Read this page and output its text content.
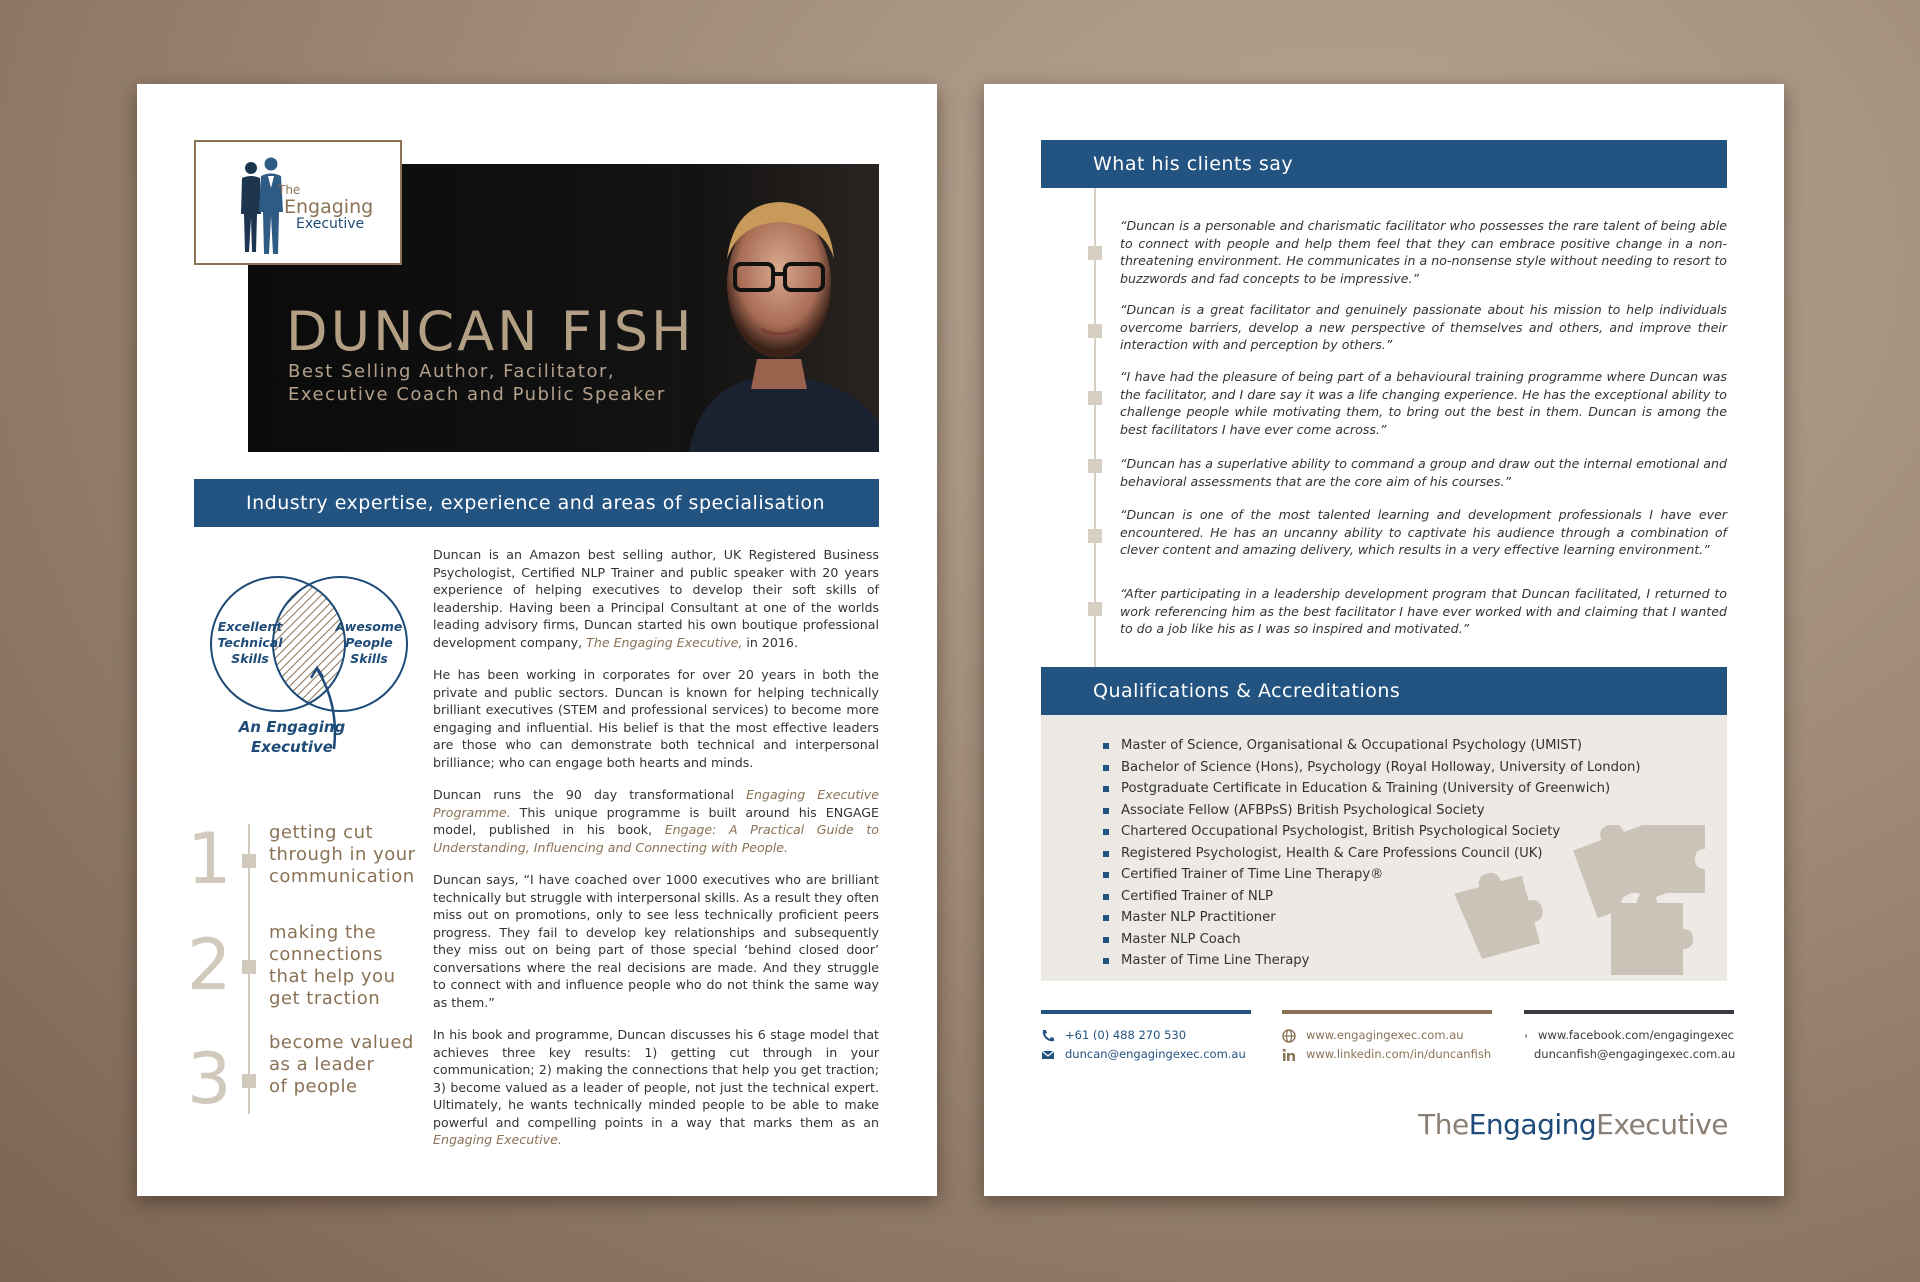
The
Engaging
Executive
DUNCAN FISH
Best Selling Author, Facilitator,
Executive Coach and Public Speaker
Industry expertise, experience and areas of specialisation
Excellent
Technical
Skills
Awesome
People
Skills
An Engaging
Executive
1 getting cut
through in your
communication
2 making the
connections
that help you
get traction
3 become valued
as a leader
of people

Duncan is an Amazon best selling author, UK Registered Business Psychologist, Certified NLP Trainer and public speaker with 20 years experience of helping executives to develop their soft skills of leadership. Having been a Principal Consultant at one of the worlds leading advisory firms, Duncan started his own boutique professional development company, The Engaging Executive, in 2016.

He has been working in corporates for over 20 years in both the private and public sectors. Duncan is known for helping technically brilliant executives (STEM and professional services) to become more engaging and influential. His belief is that the most effective leaders are those who can demonstrate both technical and interpersonal brilliance; who can engage both hearts and minds.

Duncan runs the 90 day transformational Engaging Executive Programme. This unique programme is built around his ENGAGE model, published in his book, Engage: A Practical Guide to Understanding, Influencing and Connecting with People.

Duncan says, “I have coached over 1000 executives who are brilliant technically but struggle with interpersonal skills. As a result they often miss out on promotions, only to see less technically proficient peers progress. They fail to develop key relationships and subsequently they miss out on being part of those special ‘behind closed door’ conversations where the real decisions are made. And they struggle to connect with and influence people who do not think the same way as them.”

In his book and programme, Duncan discusses his 6 stage model that achieves three key results: 1) getting cut through in your communication; 2) making the connections that help you get traction; 3) become valued as a leader of people, not just the technical expert. Ultimately, he wants technically minded people to be able to make powerful and compelling points in a way that marks them as an Engaging Executive.

What his clients say
“Duncan is a personable and charismatic facilitator who possesses the rare talent of being able to connect with people and help them feel that they can embrace positive change in a non-threatening environment. He communicates in a no-nonsense style without needing to resort to buzzwords and fad concepts to be impressive.”
“Duncan is a great facilitator and genuinely passionate about his mission to help individuals overcome barriers, develop a new perspective of themselves and others, and improve their interaction with and perception by others.”
“I have had the pleasure of being part of a behavioural training programme where Duncan was the facilitator, and I dare say it was a life changing experience. He has the exceptional ability to challenge people while motivating them, to bring out the best in them. Duncan is among the best facilitators I have ever come across.”
“Duncan has a superlative ability to command a group and draw out the internal emotional and behavioral assessments that are the core aim of his courses.”
“Duncan is one of the most talented learning and development professionals I have ever encountered. He has an uncanny ability to captivate his audience through a combination of clever content and amazing delivery, which results in a very effective learning environment.”
“After participating in a leadership development program that Duncan facilitated, I returned to work referencing him as the best facilitator I have ever worked with and claiming that I wanted to do a job like his as I was so inspired and motivated.”
Qualifications & Accreditations
Master of Science, Organisational & Occupational Psychology (UMIST)
Bachelor of Science (Hons), Psychology (Royal Holloway, University of London)
Postgraduate Certificate in Education & Training (University of Greenwich)
Associate Fellow (AFBPsS) British Psychological Society
Chartered Occupational Psychologist, British Psychological Society
Registered Psychologist, Health & Care Professions Council (UK)
Certified Trainer of Time Line Therapy®
Certified Trainer of NLP
Master NLP Practitioner
Master NLP Coach
Master of Time Line Therapy
+61 (0) 488 270 530
duncan@engagingexec.com.au
www.engagingexec.com.au
www.linkedin.com/in/duncanfish
www.facebook.com/engagingexec
duncanfish@engagingexec.com.au
TheEngagingExecutive
